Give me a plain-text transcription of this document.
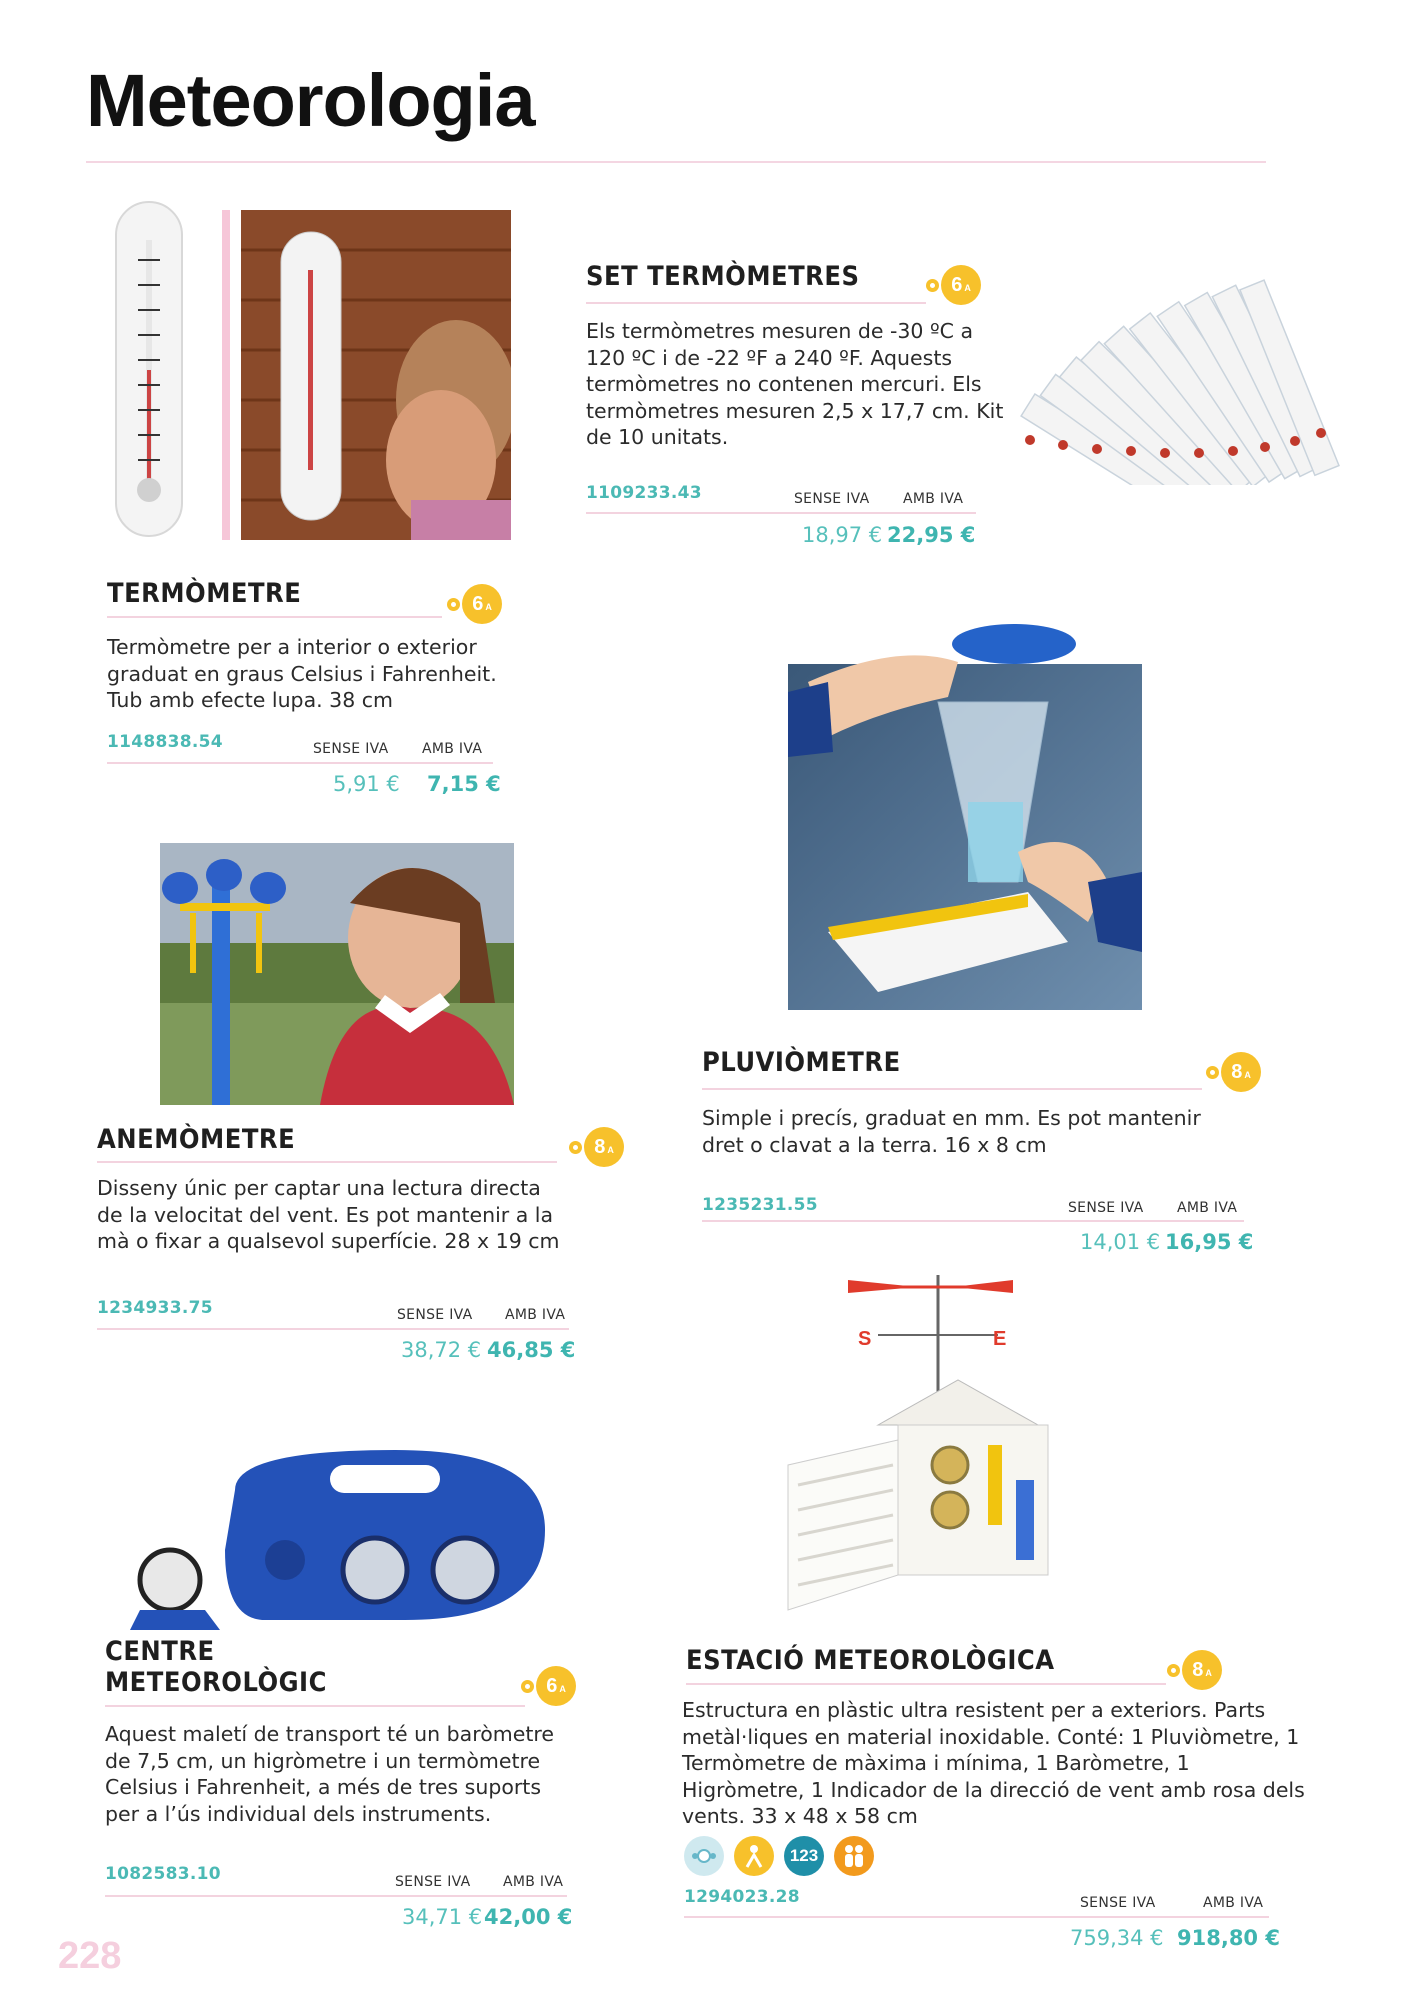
Meteorologia
TERMÒMETRE	6 A

Termòmetre per a interior o exterior graduat en graus Celsius i Fahrenheit. Tub amb efecte lupa. 38 cm

1148838.54	SENSE IVA AMB IVA
5,91 € 7,15 €
SET TERMÒMETRES	6 A

Els termòmetres mesuren de -30 ºC a 120 ºC i de -22 ºF a 240 ºF. Aquests termòmetres no contenen mercuri. Els termòmetres mesuren 2,5 x 17,7 cm. Kit de 10 unitats.

1109233.43	SENSE IVA AMB IVA
18,97 € 22,95 €
ANEMÒMETRE	8 A

Disseny únic per captar una lectura directa de la velocitat del vent. Es pot mantenir a la mà o fixar a qualsevol superfície. 28 x 19 cm

1234933.75	SENSE IVA AMB IVA
38,72 € 46,85 €
PLUVIÒMETRE	8 A

Simple i precís, graduat en mm. Es pot mantenir dret o clavat a la terra. 16 x 8 cm

1235231.55	SENSE IVA AMB IVA
14,01 € 16,95 €
S	E
CENTRE
METEOROLÒGIC	6 A

Aquest maletí de transport té un baròmetre de 7,5 cm, un higròmetre i un termòmetre Celsius i Fahrenheit, a més de tres suports per a l’ús individual dels instruments.

1082583.10	SENSE IVA AMB IVA
34,71 € 42,00 €
ESTACIÓ METEOROLÒGICA	8 A

Estructura en plàstic ultra resistent per a exteriors. Parts metàl·liques en material inoxidable. Conté: 1 Pluviòmetre, 1 Termòmetre de màxima i mínima, 1 Baròmetre, 1 Higròmetre, 1 Indicador de la direcció de vent amb rosa dels vents. 33 x 48 x 58 cm

123
1294023.28	SENSE IVA	AMB IVA
759,34 € 918,80 €
228
